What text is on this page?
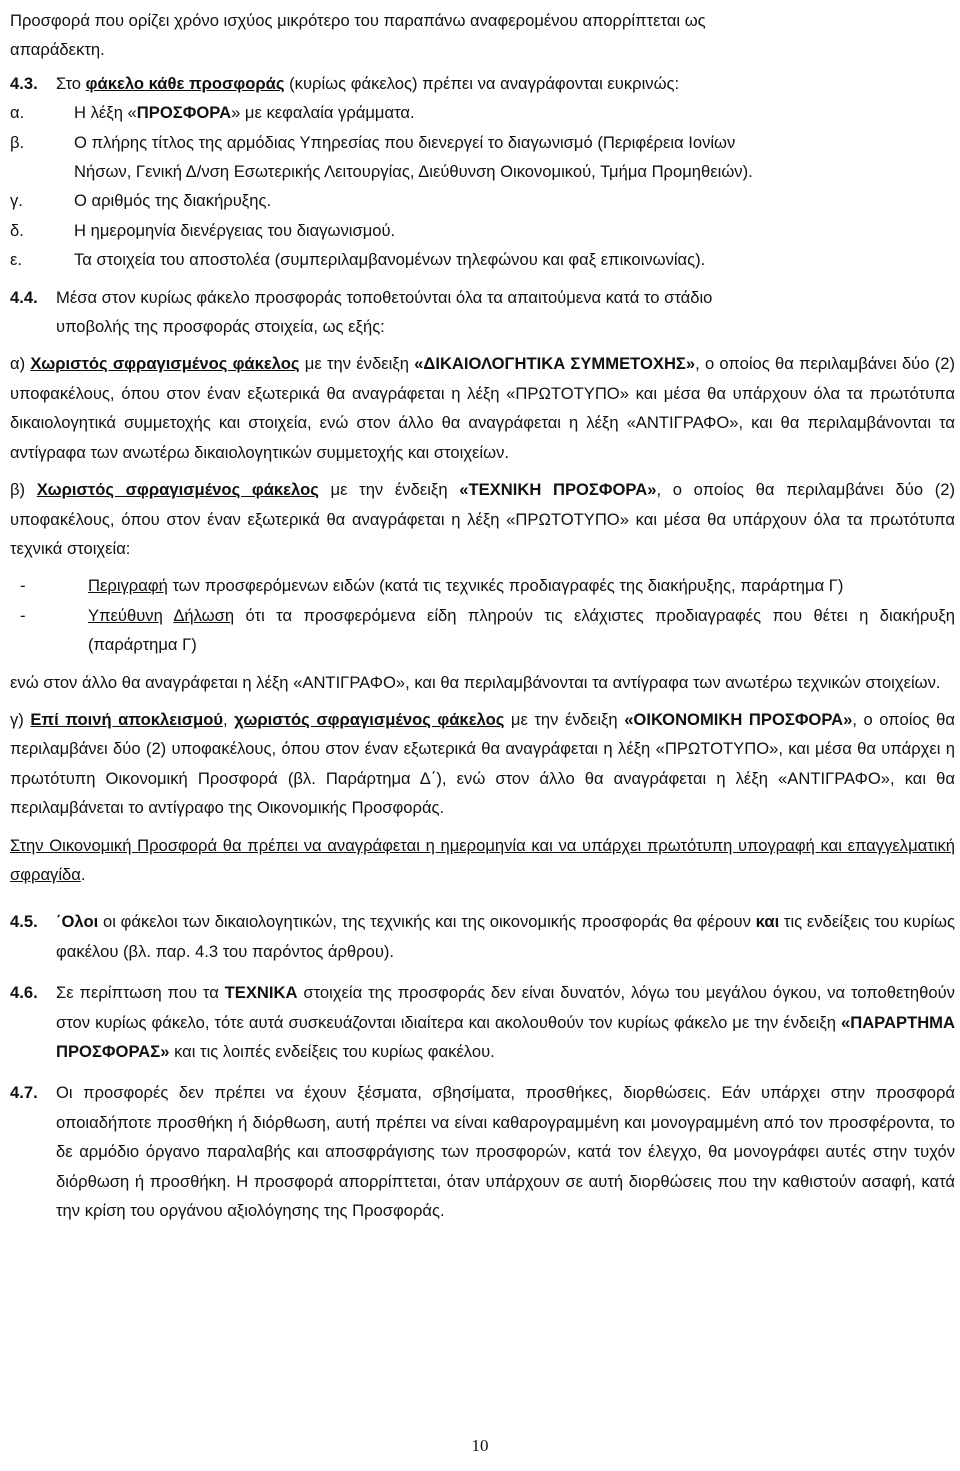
Προσφορά που ορίζει χρόνο ισχύος μικρότερο του παραπάνω αναφερομένου απορρίπτεται ως

απαράδεκτη.

4.3.	Στο φάκελο κάθε προσφοράς (κυρίως φάκελος) πρέπει να αναγράφονται ευκρινώς:
α.	Η λέξη «ΠΡΟΣΦΟΡΑ» με κεφαλαία γράμματα.
β.	Ο πλήρης τίτλος της αρμόδιας Υπηρεσίας που διενεργεί το διαγωνισμό (Περιφέρεια Ιονίων
Νήσων, Γενική Δ/νση Εσωτερικής Λειτουργίας, Διεύθυνση Οικονομικού, Τμήμα Προμηθειών).
γ.	Ο αριθμός της διακήρυξης.
δ.	Η ημερομηνία διενέργειας του διαγωνισμού.
ε.	Τα στοιχεία του αποστολέα (συμπεριλαμβανομένων τηλεφώνου και φαξ επικοινωνίας).
4.4.	Μέσα στον κυρίως φάκελο προσφοράς τοποθετούνται όλα τα απαιτούμενα κατά το στάδιο
υποβολής της προσφοράς στοιχεία, ως εξής:

α) Χωριστός σφραγισμένος φάκελος με την ένδειξη «ΔΙΚΑΙΟΛΟΓΗΤΙΚΑ ΣΥΜΜΕΤΟΧΗΣ», ο οποίος θα περιλαμβάνει δύο (2) υποφακέλους, όπου στον έναν εξωτερικά θα αναγράφεται η λέξη «ΠΡΩΤΟΤΥΠΟ» και μέσα θα υπάρχουν όλα τα πρωτότυπα δικαιολογητικά συμμετοχής και στοιχεία, ενώ στον άλλο θα αναγράφεται η λέξη «ΑΝΤΙΓΡΑΦΟ», και θα περιλαμβάνονται τα αντίγραφα των ανωτέρω δικαιολογητικών συμμετοχής και στοιχείων.

β) Χωριστός σφραγισμένος φάκελος με την ένδειξη «ΤΕΧΝΙΚΗ ΠΡΟΣΦΟΡΑ», ο οποίος θα περιλαμβάνει δύο (2) υποφακέλους, όπου στον έναν εξωτερικά θα αναγράφεται η λέξη «ΠΡΩΤΟΤΥΠΟ» και μέσα θα υπάρχουν όλα τα πρωτότυπα τεχνικά στοιχεία:

-	Περιγραφή των προσφερόμενων ειδών (κατά τις τεχνικές προδιαγραφές της διακήρυξης, παράρτημα Γ)
-	Υπεύθυνη Δήλωση ότι τα προσφερόμενα είδη πληρούν τις ελάχιστες προδιαγραφές που θέτει η διακήρυξη (παράρτημα Γ)

ενώ στον άλλο θα αναγράφεται η λέξη «ΑΝΤΙΓΡΑΦΟ», και θα περιλαμβάνονται τα αντίγραφα των ανωτέρω τεχνικών στοιχείων.

γ) Επί ποινή αποκλεισμού, χωριστός σφραγισμένος φάκελος με την ένδειξη «ΟΙΚΟΝΟΜΙΚΗ ΠΡΟΣΦΟΡΑ», ο οποίος θα περιλαμβάνει δύο (2) υποφακέλους, όπου στον έναν εξωτερικά θα αναγράφεται η λέξη «ΠΡΩΤΟΤΥΠΟ», και μέσα θα υπάρχει η πρωτότυπη Οικονομική Προσφορά (βλ. Παράρτημα Δ΄), ενώ στον άλλο θα αναγράφεται η λέξη «ΑΝΤΙΓΡΑΦΟ», και θα περιλαμβάνεται το αντίγραφο της Οικονομικής Προσφοράς.

Στην Οικονομική Προσφορά θα πρέπει να αναγράφεται η ημερομηνία και να υπάρχει πρωτότυπη υπογραφή και επαγγελματική σφραγίδα.

4.5.	΄Ολοι οι φάκελοι των δικαιολογητικών, της τεχνικής και της οικονομικής προσφοράς θα φέρουν και τις ενδείξεις του κυρίως φακέλου (βλ. παρ. 4.3 του παρόντος άρθρου).
4.6.	Σε περίπτωση που τα ΤΕΧΝΙΚΑ στοιχεία της προσφοράς δεν είναι δυνατόν, λόγω του μεγάλου όγκου, να τοποθετηθούν στον κυρίως φάκελο, τότε αυτά συσκευάζονται ιδιαίτερα και ακολουθούν τον κυρίως φάκελο με την ένδειξη «ΠΑΡΑΡΤΗΜΑ ΠΡΟΣΦΟΡΑΣ» και τις λοιπές ενδείξεις του κυρίως φακέλου.
4.7.	Οι προσφορές δεν πρέπει να έχουν ξέσματα, σβησίματα, προσθήκες, διορθώσεις. Εάν υπάρχει στην προσφορά οποιαδήποτε προσθήκη ή διόρθωση, αυτή πρέπει να είναι καθαρογραμμένη και μονογραμμένη από τον προσφέροντα, το δε αρμόδιο όργανο παραλαβής και αποσφράγισης των προσφορών, κατά τον έλεγχο, θα μονογράφει αυτές στην τυχόν διόρθωση ή προσθήκη. Η προσφορά απορρίπτεται, όταν υπάρχουν σε αυτή διορθώσεις που την καθιστούν ασαφή, κατά την κρίση του οργάνου αξιολόγησης της Προσφοράς.
10
